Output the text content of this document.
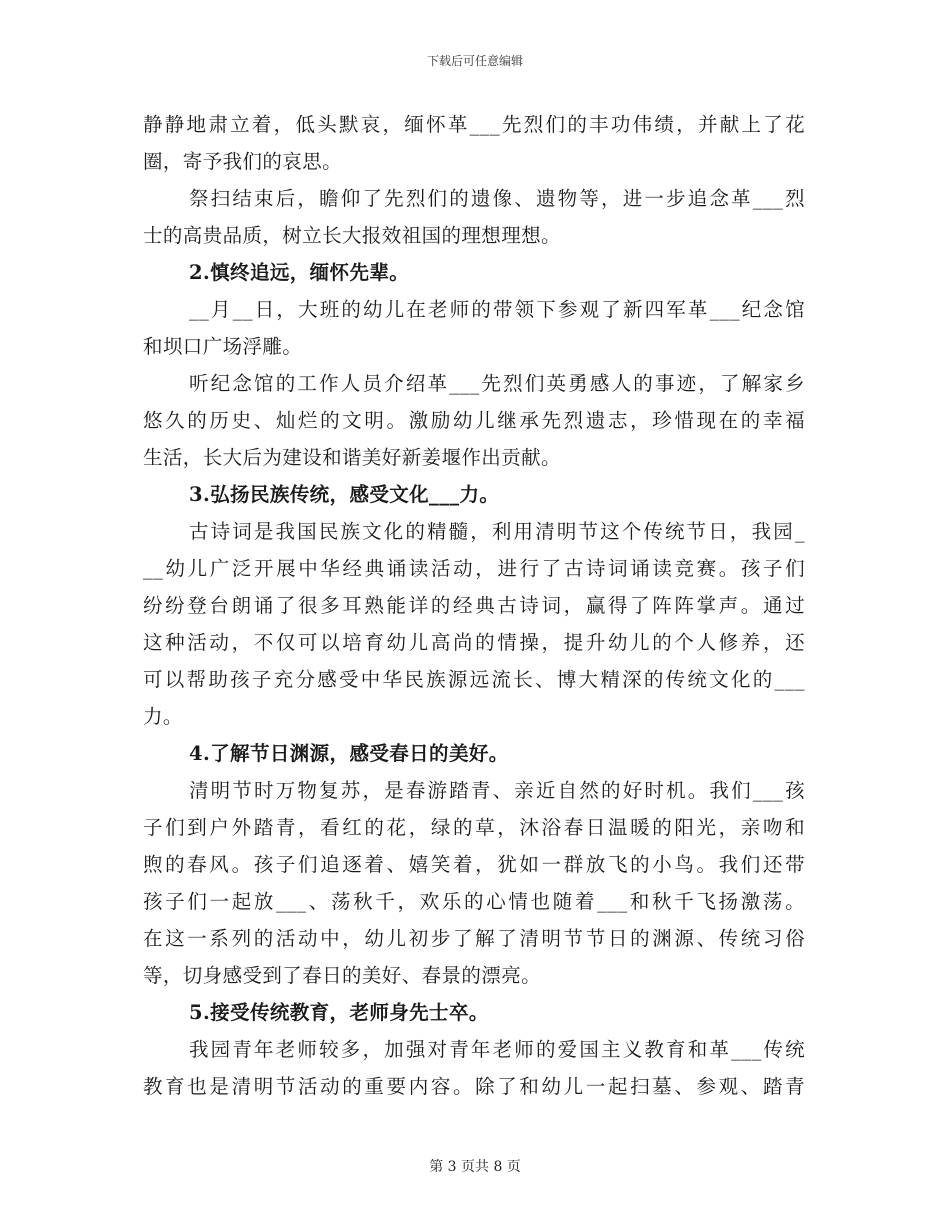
下载后可任意编辑
静静地肃立着，低头默哀，缅怀革___先烈们的丰功伟绩，并献上了花
圈，寄予我们的哀思。
祭扫结束后，瞻仰了先烈们的遗像、遗物等，进一步追念革___烈
士的高贵品质，树立长大报效祖国的理想理想。
2.慎终追远，缅怀先辈。
__月__日，大班的幼儿在老师的带领下参观了新四军革___纪念馆
和坝口广场浮雕。
听纪念馆的工作人员介绍革___先烈们英勇感人的事迹，了解家乡
悠久的历史、灿烂的文明。激励幼儿继承先烈遗志，珍惜现在的幸福
生活，长大后为建设和谐美好新姜堰作出贡献。
3.弘扬民族传统，感受文化___力。
古诗词是我国民族文化的精髓，利用清明节这个传统节日，我园_
__幼儿广泛开展中华经典诵读活动，进行了古诗词诵读竞赛。孩子们
纷纷登台朗诵了很多耳熟能详的经典古诗词，赢得了阵阵掌声。通过
这种活动，不仅可以培育幼儿高尚的情操，提升幼儿的个人修养，还
可以帮助孩子充分感受中华民族源远流长、博大精深的传统文化的___
力。
4.了解节日渊源，感受春日的美好。
清明节时万物复苏，是春游踏青、亲近自然的好时机。我们___孩
子们到户外踏青，看红的花，绿的草，沐浴春日温暖的阳光，亲吻和
煦的春风。孩子们追逐着、嬉笑着，犹如一群放飞的小鸟。我们还带
孩子们一起放___、荡秋千，欢乐的心情也随着___和秋千飞扬激荡。
在这一系列的活动中，幼儿初步了解了清明节节日的渊源、传统习俗
等，切身感受到了春日的美好、春景的漂亮。
5.接受传统教育，老师身先士卒。
我园青年老师较多，加强对青年老师的爱国主义教育和革___传统
教育也是清明节活动的重要内容。除了和幼儿一起扫墓、参观、踏青
第 3 页共 8 页
